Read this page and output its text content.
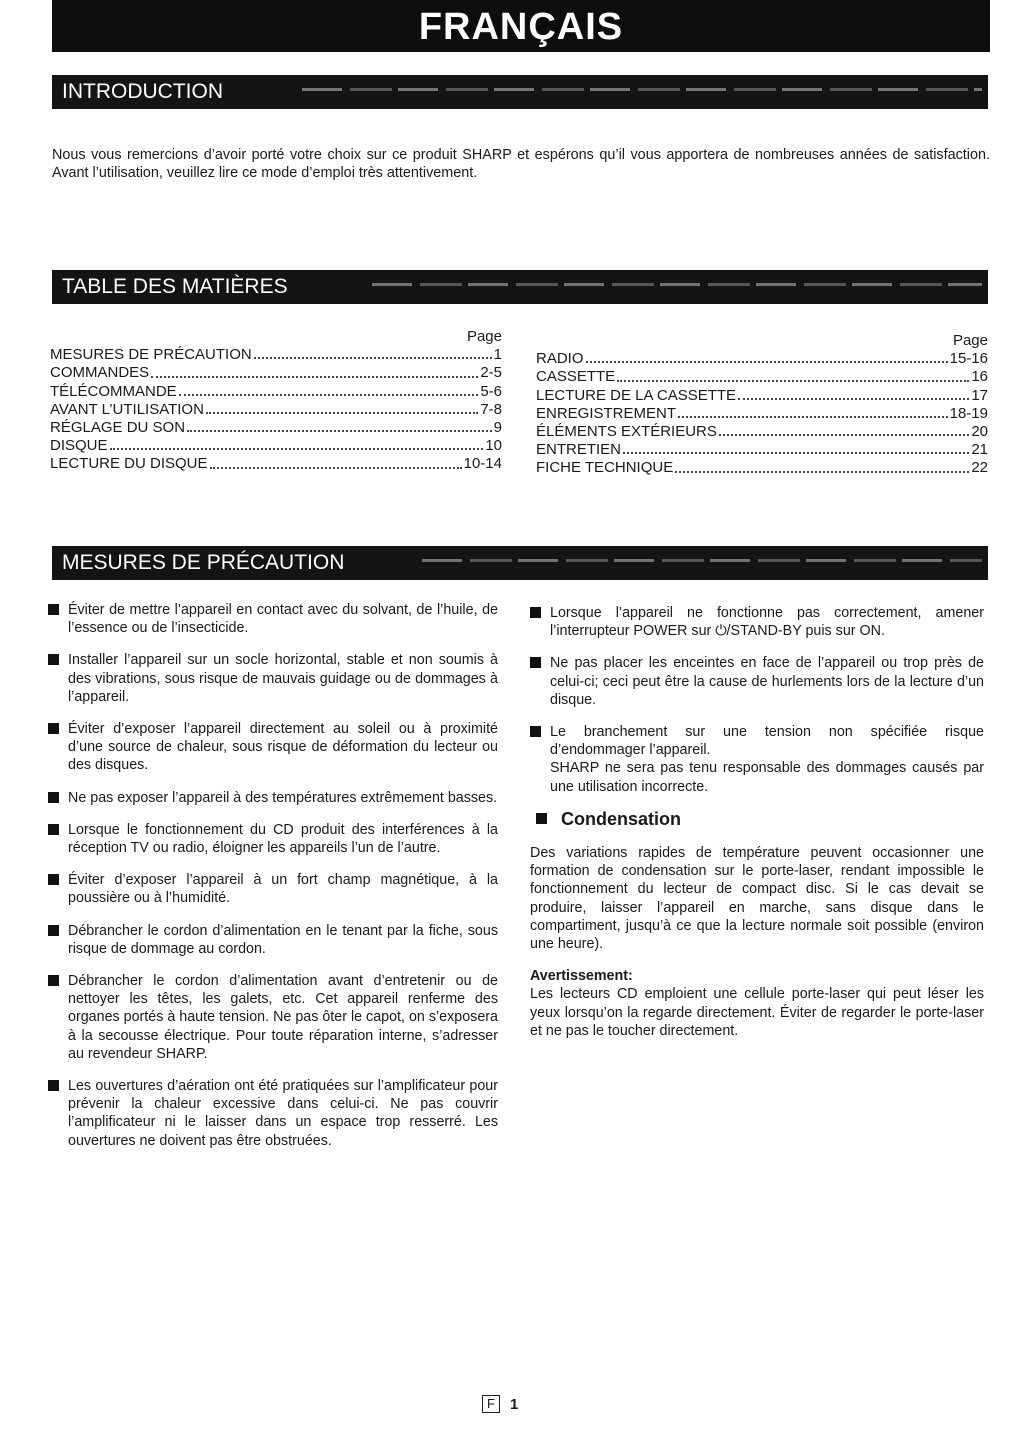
FRANÇAIS
INTRODUCTION

Nous vous remercions d’avoir porté votre choix sur ce produit SHARP et espérons qu’il vous apportera de nombreuses années de satisfaction. Avant l’utilisation, veuillez lire ce mode d’emploi très attentivement.

TABLE DES MATIÈRES
Page
MESURES DE PRÉCAUTION	1
COMMANDES	2-5
TÉLÉCOMMANDE	5-6
AVANT L’UTILISATION	7-8
RÉGLAGE DU SON	9
DISQUE	10
LECTURE DU DISQUE	10-14
Page
RADIO	15-16
CASSETTE	16
LECTURE DE LA CASSETTE	17
ENREGISTREMENT	18-19
ÉLÉMENTS EXTÉRIEURS	20
ENTRETIEN	21
FICHE TECHNIQUE	22
MESURES DE PRÉCAUTION
Éviter de mettre l’appareil en contact avec du solvant, de l’huile, de l’essence ou de l’insecticide.
Installer l’appareil sur un socle horizontal, stable et non soumis à des vibrations, sous risque de mauvais guidage ou de dommages à l’appareil.
Éviter d’exposer l’appareil directement au soleil ou à proximité d’une source de chaleur, sous risque de déformation du lecteur ou des disques.
Ne pas exposer l’appareil à des températures extrêmement basses.
Lorsque le fonctionnement du CD produit des interférences à la réception TV ou radio, éloigner les appareils l’un de l’autre.
Éviter d’exposer l’appareil à un fort champ magnétique, à la poussière ou à l’humidité.
Débrancher le cordon d’alimentation en le tenant par la fiche, sous risque de dommage au cordon.
Débrancher le cordon d’alimentation avant d’entretenir ou de nettoyer les têtes, les galets, etc. Cet appareil renferme des organes portés à haute tension. Ne pas ôter le capot, on s’exposera à la secousse électrique. Pour toute réparation interne, s’adresser au revendeur SHARP.
Les ouvertures d’aération ont été pratiquées sur l’amplificateur pour prévenir la chaleur excessive dans celui-ci. Ne pas couvrir l’amplificateur ni le laisser dans un espace trop resserré. Les ouvertures ne doivent pas être obstruées.
Lorsque l’appareil ne fonctionne pas correctement, amener l’interrupteur POWER sur ⏻/STAND-BY puis sur ON.
Ne pas placer les enceintes en face de l’appareil ou trop près de celui-ci; ceci peut être la cause de hurlements lors de la lecture d’un disque.
Le branchement sur une tension non spécifiée risque d’endommager l’appareil.
SHARP ne sera pas tenu responsable des dommages causés par une utilisation incorrecte.
Condensation
Des variations rapides de température peuvent occasionner une formation de condensation sur le porte-laser, rendant impossible le fonctionnement du lecteur de compact disc. Si le cas devait se produire, laisser l’appareil en marche, sans disque dans le compartiment, jusqu’à ce que la lecture normale soit possible (environ une heure).
Avertissement:
Les lecteurs CD emploient une cellule porte-laser qui peut léser les yeux lorsqu’on la regarde directement. Éviter de regarder le porte-laser et ne pas le toucher directement.
F	1
